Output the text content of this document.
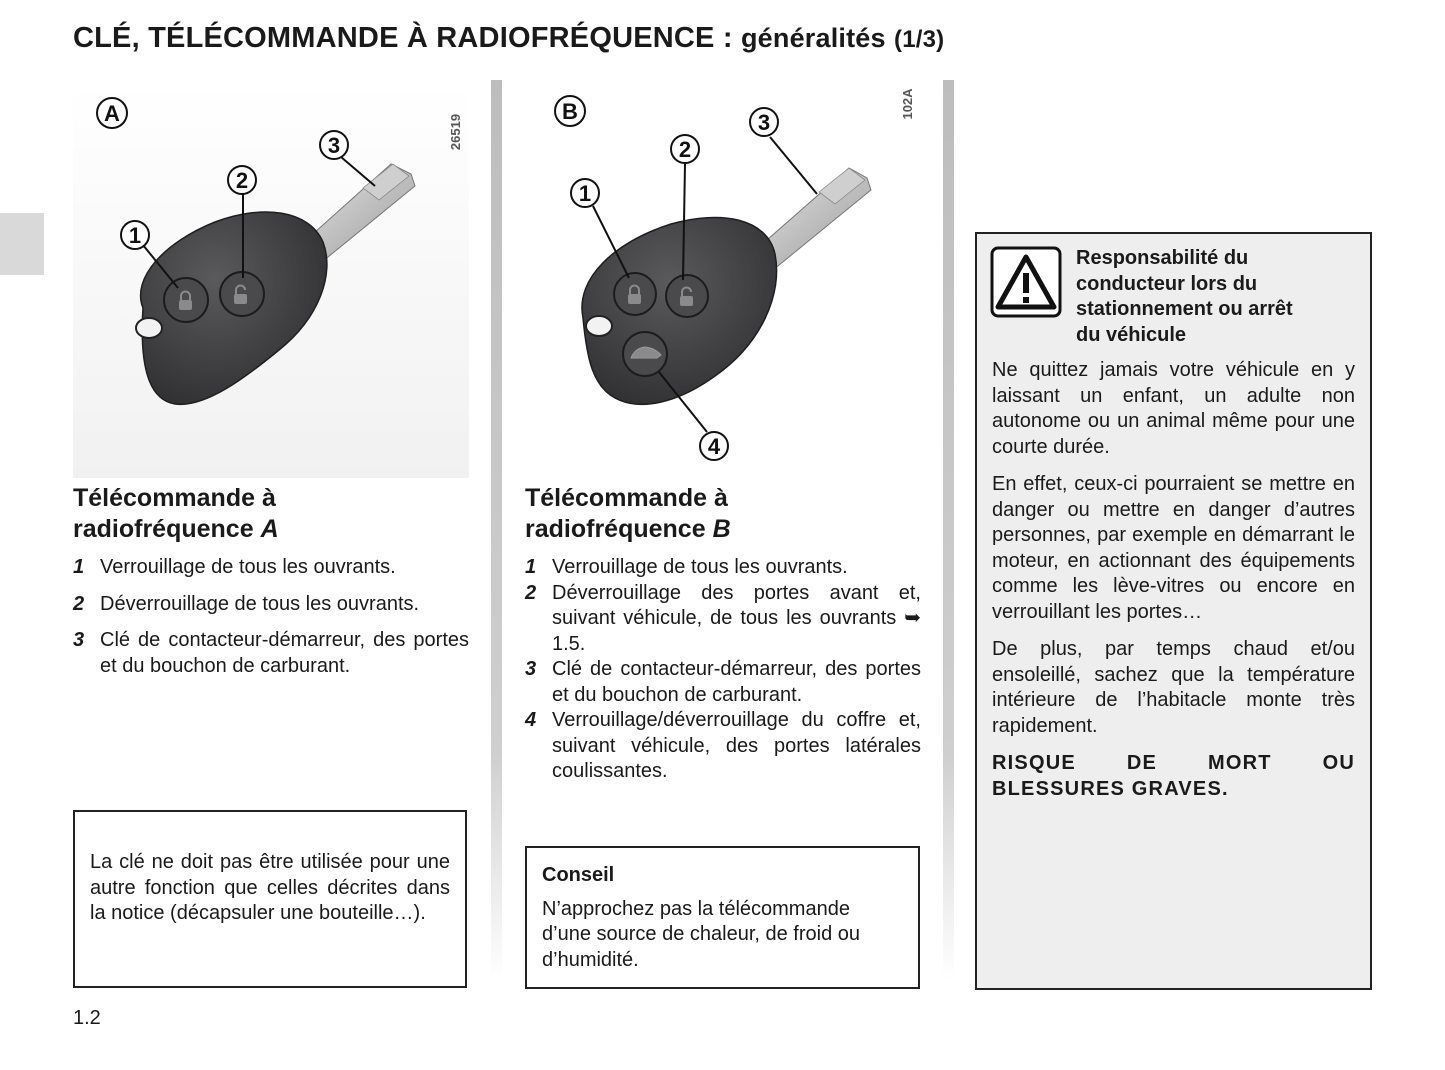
CLÉ, TÉLÉCOMMANDE À RADIOFRÉQUENCE : généralités (1/3)
A
1
2
3	26519
B
1
2
3
4
102A
Télécommande à
radiofréquence A
1 Verrouillage de tous les ouvrants.
2 Déverrouillage de tous les ouvrants.
3 Clé de contacteur-démarreur, des portes et du bouchon de carburant.
Télécommande à
radiofréquence B
1 Verrouillage de tous les ouvrants.
2 Déverrouillage des portes avant et, suivant véhicule, de tous les ouvrants ➥ 1.5.
3 Clé de contacteur-démarreur, des portes et du bouchon de carburant.
4 Verrouillage/déverrouillage du coffre et, suivant véhicule, des portes latérales coulissantes.
La clé ne doit pas être utilisée pour une autre fonction que celles décrites dans la notice (décapsuler une bouteille…).

Conseil

N’approchez pas la télécommande d’une source de chaleur, de froid ou d’humidité.

Responsabilité du
conducteur lors du
stationnement ou arrêt
du véhicule

Ne quittez jamais votre véhicule en y laissant un enfant, un adulte non autonome ou un animal même pour une courte durée.

En effet, ceux-ci pourraient se mettre en danger ou mettre en danger d’autres personnes, par exemple en démarrant le moteur, en actionnant des équipements comme les lève-vitres ou encore en verrouillant les portes…

De plus, par temps chaud et/ou ensoleillé, sachez que la température intérieure de l’habitacle monte très rapidement.

RISQUE	DE	MORT	OU
BLESSURES GRAVES.
1.2
